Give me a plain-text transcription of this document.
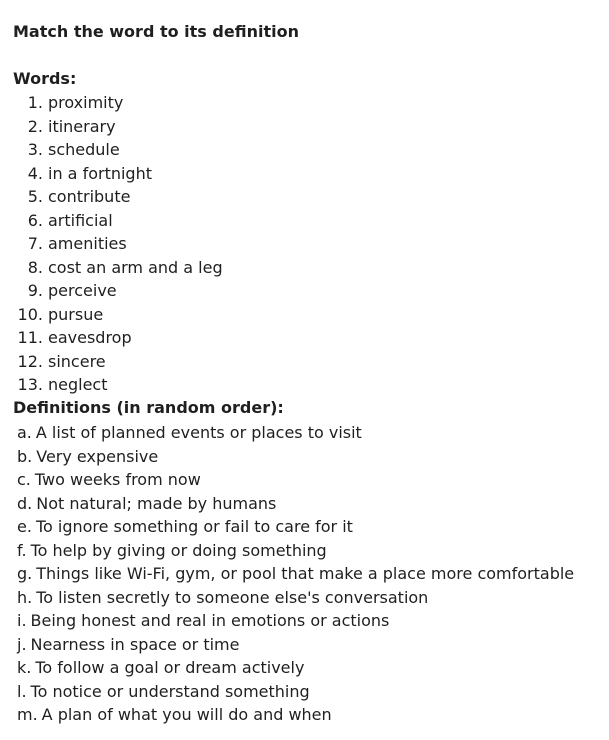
Match the word to its definition
Words:
1. proximity
2. itinerary
3. schedule
4. in a fortnight
5. contribute
6. artificial
7. amenities
8. cost an arm and a leg
9. perceive
10. pursue
11. eavesdrop
12. sincere
13. neglect
Definitions (in random order):
a. A list of planned events or places to visit
b. Very expensive
c. Two weeks from now
d. Not natural; made by humans
e. To ignore something or fail to care for it
f. To help by giving or doing something
g. Things like Wi-Fi, gym, or pool that make a place more comfortable
h. To listen secretly to someone else's conversation
i. Being honest and real in emotions or actions
j. Nearness in space or time
k. To follow a goal or dream actively
l. To notice or understand something
m. A plan of what you will do and when
